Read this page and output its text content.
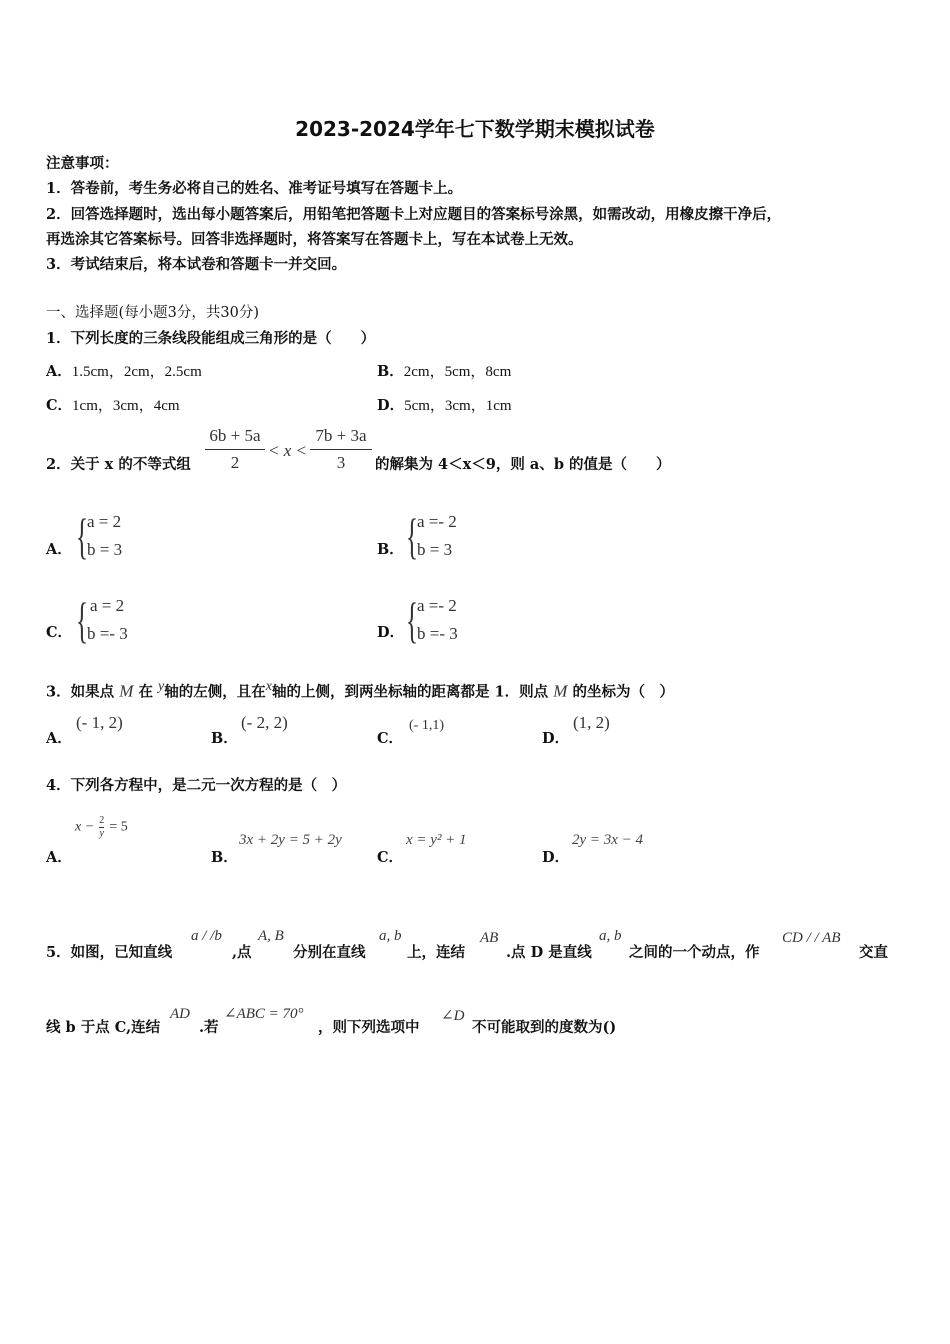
2023-2024学年七下数学期末模拟试卷
注意事项：
1．答卷前，考生务必将自己的姓名、准考证号填写在答题卡上。
2．回答选择题时，选出每小题答案后，用铅笔把答题卡上对应题目的答案标号涂黑，如需改动，用橡皮擦干净后，
再选涂其它答案标号。回答非选择题时，将答案写在答题卡上，写在本试卷上无效。
3．考试结束后，将本试卷和答题卡一并交回。
一、选择题(每小题3分，共30分)
1．下列长度的三条线段能组成三角形的是（　　）
A．1.5cm，2cm，2.5cm	B．2cm，5cm，8cm
C．1cm，3cm，4cm	D．5cm，3cm，1cm
2．关于 x 的不等式组
6b + 5a
2
< x <
7b + 3a
3	的解集为 4＜x＜9，则 a、b 的值是（　　）
A． { a = 2
b = 3	B． { a =- 2
b = 3
C． { a = 2
b =- 3	D． { a =- 2
b =- 3
3．如果点 M 在 $^y$轴的左侧，且在$^x$轴的上侧，到两坐标轴的距离都是 1．则点 M 的坐标为（　）
A．
(- 1, 2)
B．
(- 2, 2)
C．
(- 1,1)
D．
(1, 2)
4．下列各方程中，是二元一次方程的是（　）
A．
$x - \frac{2}{y} = 5$
B．
3x + 2y = 5 + 2y
C．
x = y² + 1
D．
2y = 3x − 4
5．如图，已知直线
a / /b
,点
A, B
分别在直线
a, b
上，连结
AB
.点 D 是直线
a, b
之间的一个动点，作
CD / / AB
交直
线 b 于点 C,连结
AD
.若
∠ABC = 70°
，则下列选项中
∠D
不可能取到的度数为()
